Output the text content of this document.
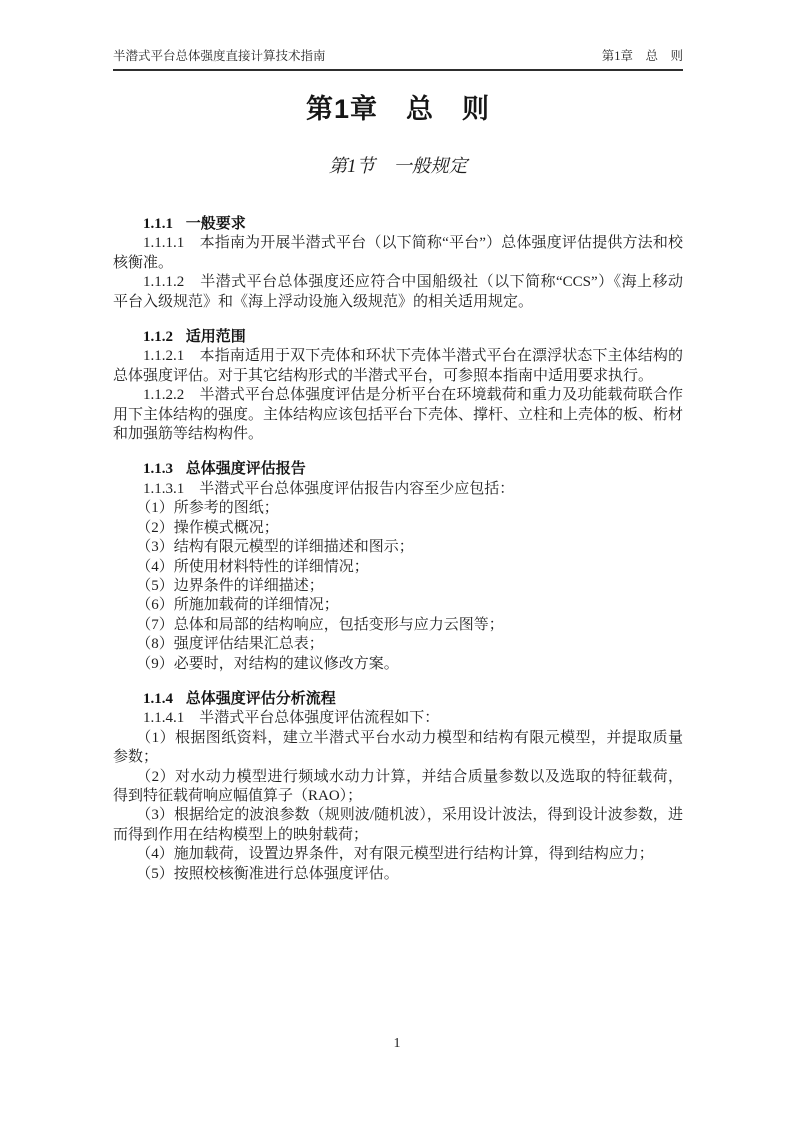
半潜式平台总体强度直接计算技术指南	第1章　总　则
第1章　总　则
第1节　一般规定
1.1.1 一般要求

1.1.1.1　本指南为开展半潜式平台（以下简称“平台”）总体强度评估提供方法和校核衡准。

1.1.1.2　半潜式平台总体强度还应符合中国船级社（以下简称“CCS”）《海上移动平台入级规范》和《海上浮动设施入级规范》的相关适用规定。

1.1.2 适用范围

1.1.2.1　本指南适用于双下壳体和环状下壳体半潜式平台在漂浮状态下主体结构的总体强度评估。对于其它结构形式的半潜式平台，可参照本指南中适用要求执行。

1.1.2.2　半潜式平台总体强度评估是分析平台在环境载荷和重力及功能载荷联合作用下主体结构的强度。主体结构应该包括平台下壳体、撑杆、立柱和上壳体的板、桁材和加强筋等结构构件。

1.1.3 总体强度评估报告

1.1.3.1　半潜式平台总体强度评估报告内容至少应包括：

（1）所参考的图纸；

（2）操作模式概况；

（3）结构有限元模型的详细描述和图示；

（4）所使用材料特性的详细情况；

（5）边界条件的详细描述；

（6）所施加载荷的详细情况；

（7）总体和局部的结构响应，包括变形与应力云图等；

（8）强度评估结果汇总表；

（9）必要时，对结构的建议修改方案。

1.1.4 总体强度评估分析流程

1.1.4.1　半潜式平台总体强度评估流程如下：

（1）根据图纸资料，建立半潜式平台水动力模型和结构有限元模型，并提取质量参数；

（2）对水动力模型进行频域水动力计算，并结合质量参数以及选取的特征载荷，得到特征载荷响应幅值算子（RAO）；

（3）根据给定的波浪参数（规则波/随机波），采用设计波法，得到设计波参数，进而得到作用在结构模型上的映射载荷；

（4）施加载荷，设置边界条件，对有限元模型进行结构计算，得到结构应力；

（5）按照校核衡准进行总体强度评估。

1
